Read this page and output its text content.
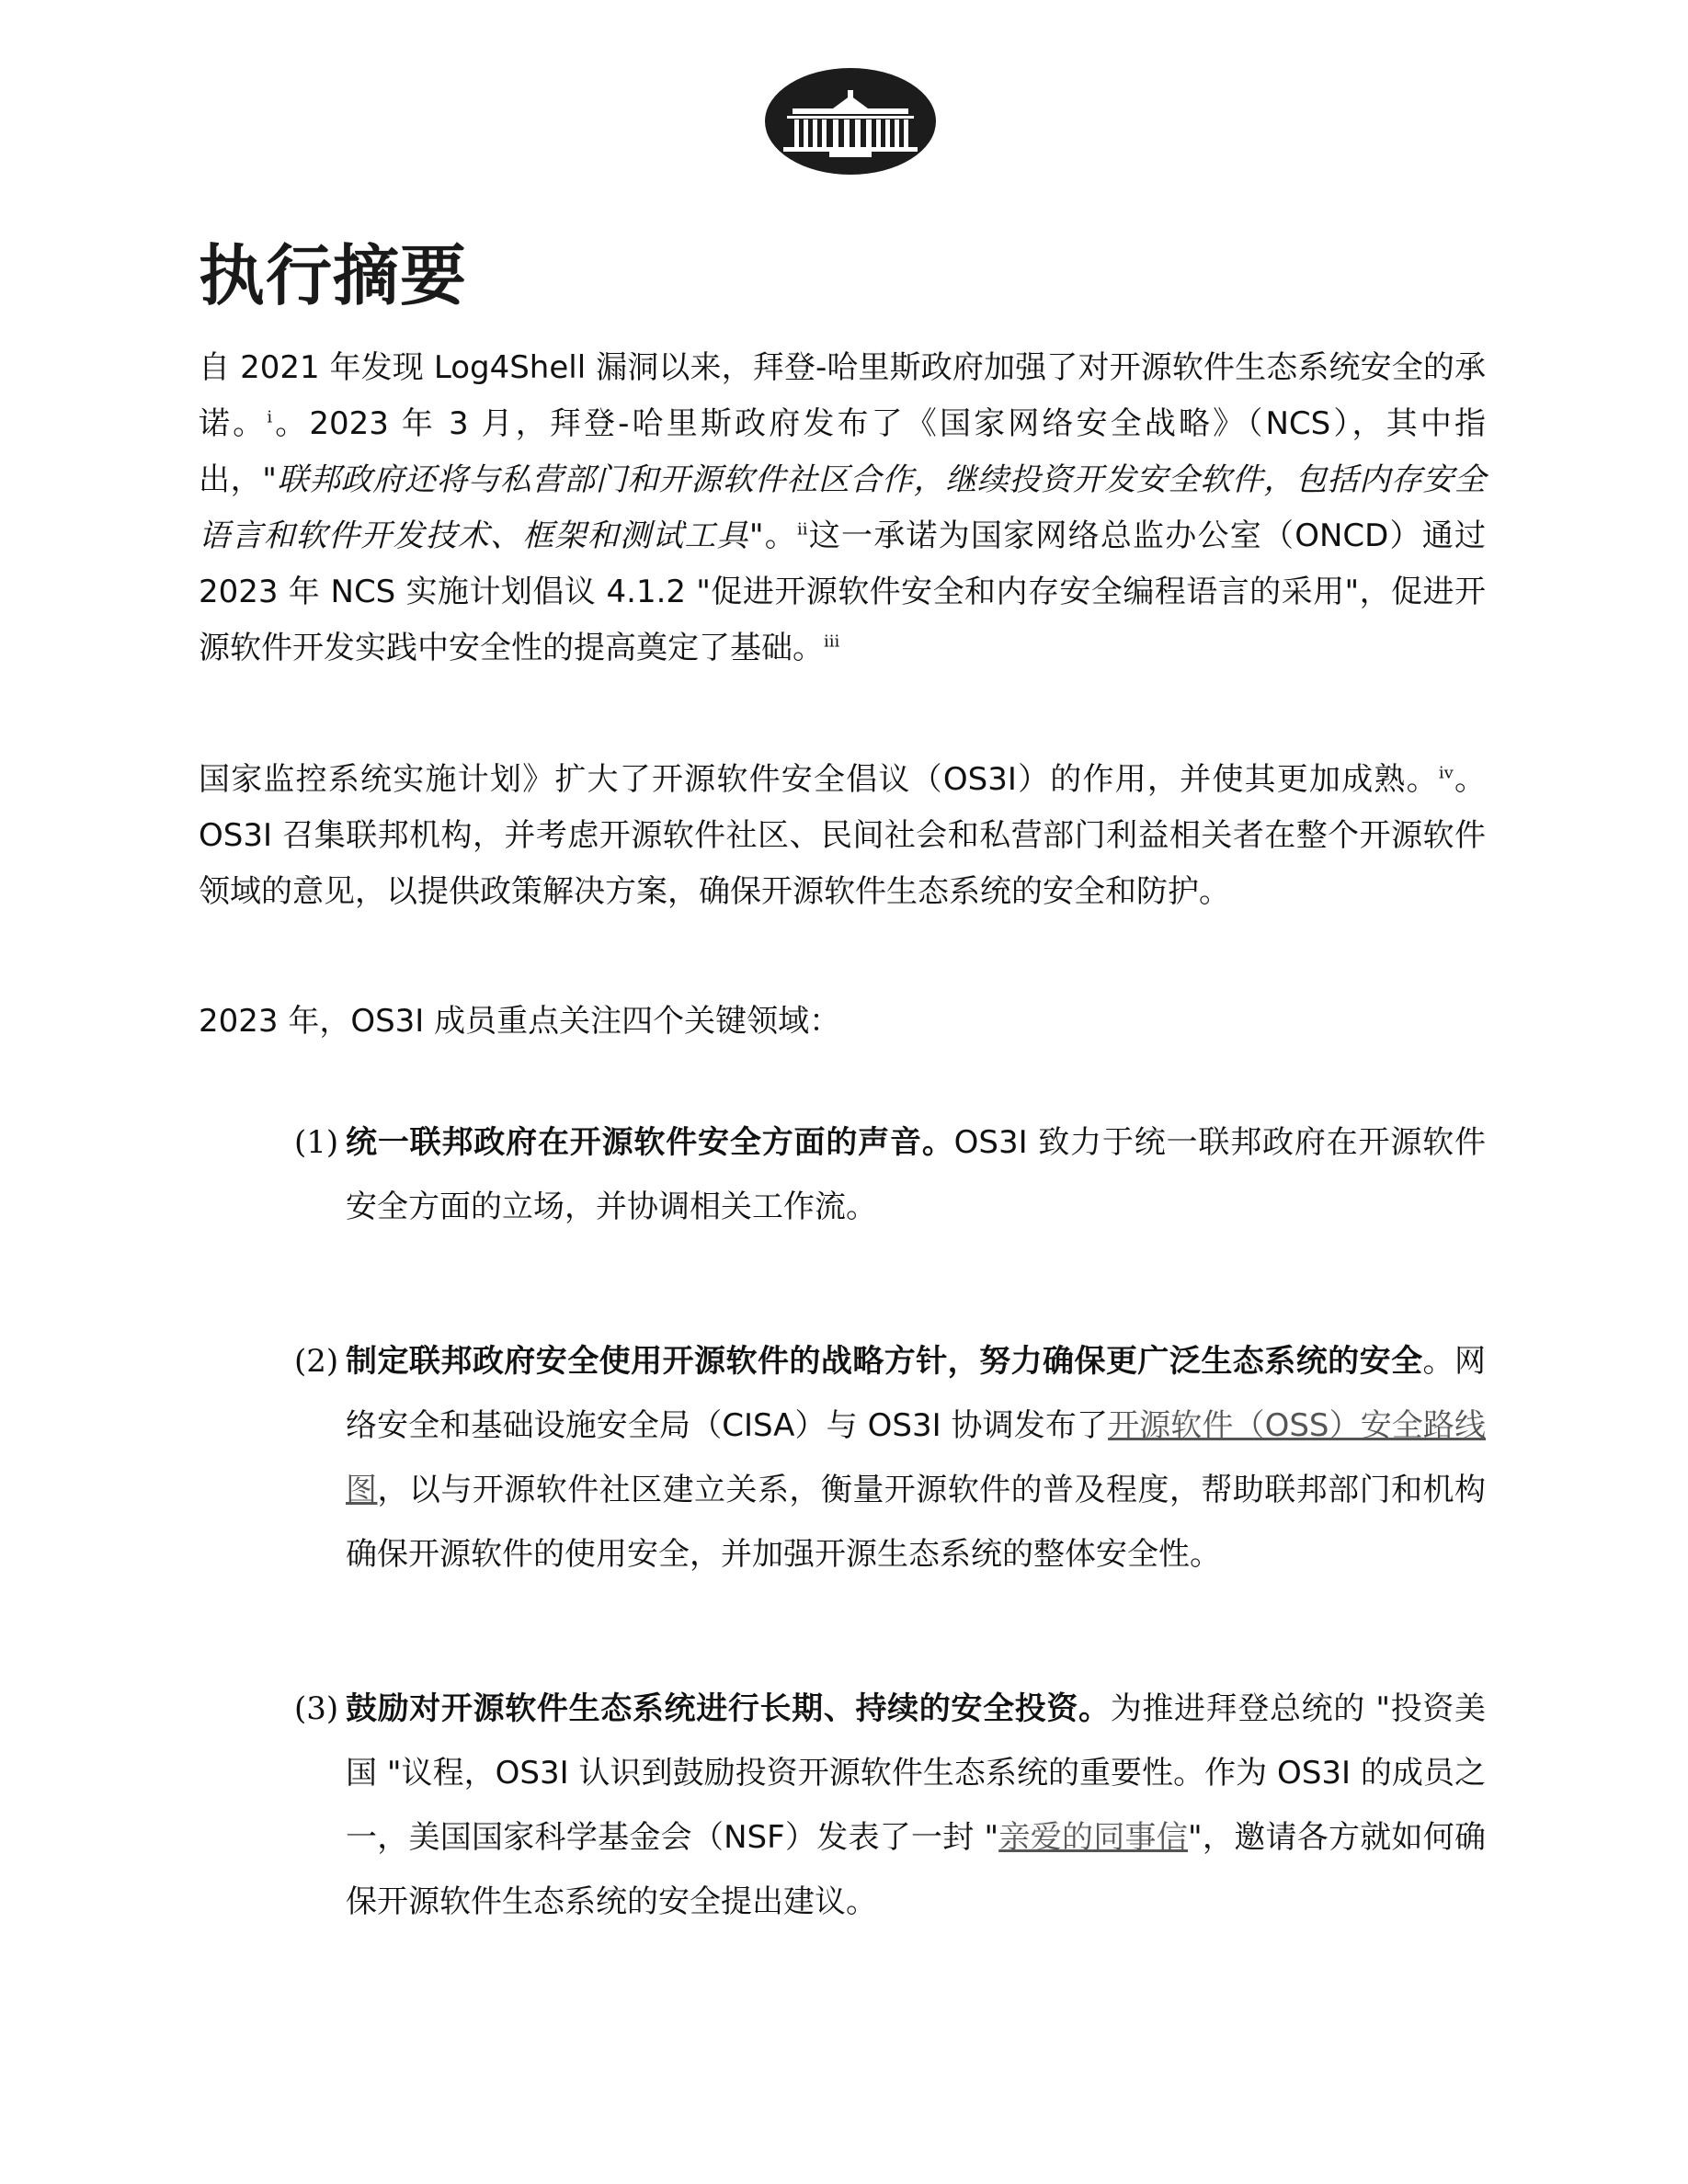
执行摘要

自 2021 年发现 Log4Shell 漏洞以来，拜登-哈里斯政府加强了对开源软件生态系统安全的承诺。$^i$。2023 年 3 月，拜登-哈里斯政府发布了《国家网络安全战略》（NCS），其中指出，"联邦政府还将与私营部门和开源软件社区合作，继续投资开发安全软件，包括内存安全语言和软件开发技术、框架和测试工具"。$^{ii}$这一承诺为国家网络总监办公室（ONCD）通过 2023 年 NCS 实施计划倡议 4.1.2 "促进开源软件安全和内存安全编程语言的采用"，促进开源软件开发实践中安全性的提高奠定了基础。$^{iii}$

国家监控系统实施计划》扩大了开源软件安全倡议（OS3I）的作用，并使其更加成熟。$^{iv}$。OS3I 召集联邦机构，并考虑开源软件社区、民间社会和私营部门利益相关者在整个开源软件领域的意见，以提供政策解决方案，确保开源软件生态系统的安全和防护。

2023 年，OS3I 成员重点关注四个关键领域：

(1) 统一联邦政府在开源软件安全方面的声音。OS3I 致力于统一联邦政府在开源软件安全方面的立场，并协调相关工作流。
(2) 制定联邦政府安全使用开源软件的战略方针，努力确保更广泛生态系统的安全。网络安全和基础设施安全局（CISA）与 OS3I 协调发布了开源软件（OSS）安全路线图，以与开源软件社区建立关系，衡量开源软件的普及程度，帮助联邦部门和机构确保开源软件的使用安全，并加强开源生态系统的整体安全性。
(3) 鼓励对开源软件生态系统进行长期、持续的安全投资。为推进拜登总统的 "投资美国 "议程，OS3I 认识到鼓励投资开源软件生态系统的重要性。作为 OS3I 的成员之一，美国国家科学基金会（NSF）发表了一封 "亲爱的同事信"，邀请各方就如何确保开源软件生态系统的安全提出建议。
